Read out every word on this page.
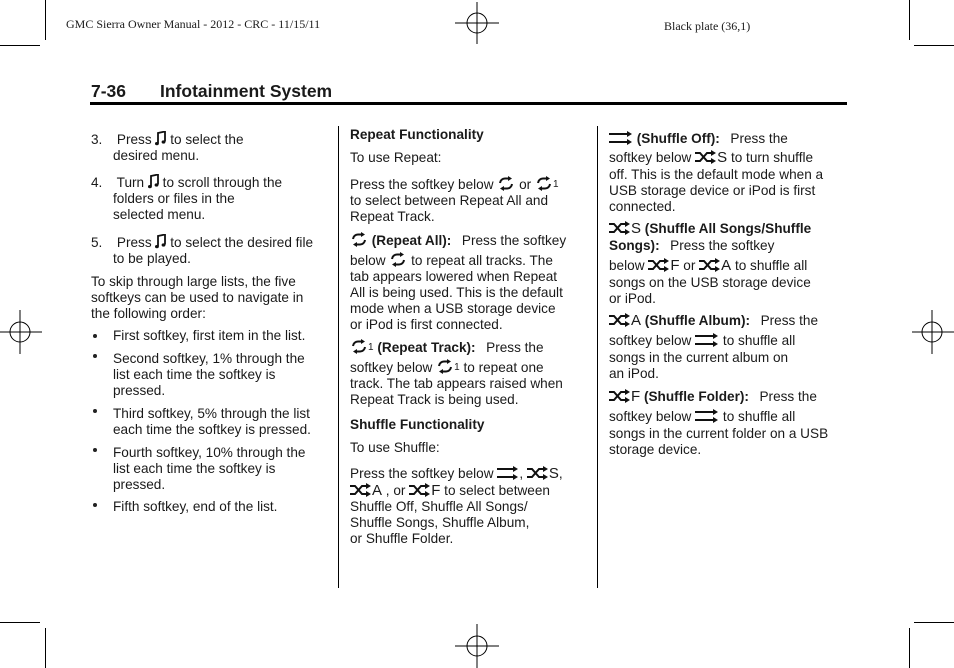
GMC Sierra Owner Manual - 2012 - CRC - 11/15/11	Black plate (36,1)
7-36 Infotainment System
3. Press to select the
desired menu.
4. Turn to scroll through the
folders or files in the
selected menu.
5. Press to select the desired file
to be played.
To skip through large lists, the five
softkeys can be used to navigate in
the following order:
First softkey, first item in the list.
Second softkey, 1% through the
list each time the softkey is
pressed.
Third softkey, 5% through the list
each time the softkey is pressed.
Fourth softkey, 10% through the
list each time the softkey is
pressed.
Fifth softkey, end of the list.
Repeat Functionality
To use Repeat:
Press the softkey below or $^1$
to select between Repeat All and
Repeat Track.
(Repeat All): Press the softkey
below to repeat all tracks. The
tab appears lowered when Repeat
All is being used. This is the default
mode when a USB storage device
or iPod is first connected.
$^1$ (Repeat Track): Press the
softkey below $^1$ to repeat one
track. The tab appears raised when
Repeat Track is being used.
Shuffle Functionality
To use Shuffle:
Press the softkey below , S,
A , or F to select between
Shuffle Off, Shuffle All Songs/
Shuffle Songs, Shuffle Album,
or Shuffle Folder.
(Shuffle Off): Press the
softkey below S to turn shuffle
off. This is the default mode when a
USB storage device or iPod is first
connected.
S (Shuffle All Songs/Shuffle
Songs): Press the softkey
below F or A to shuffle all
songs on the USB storage device
or iPod.
A (Shuffle Album): Press the
softkey below to shuffle all
songs in the current album on
an iPod.
F (Shuffle Folder): Press the
softkey below to shuffle all
songs in the current folder on a USB
storage device.
